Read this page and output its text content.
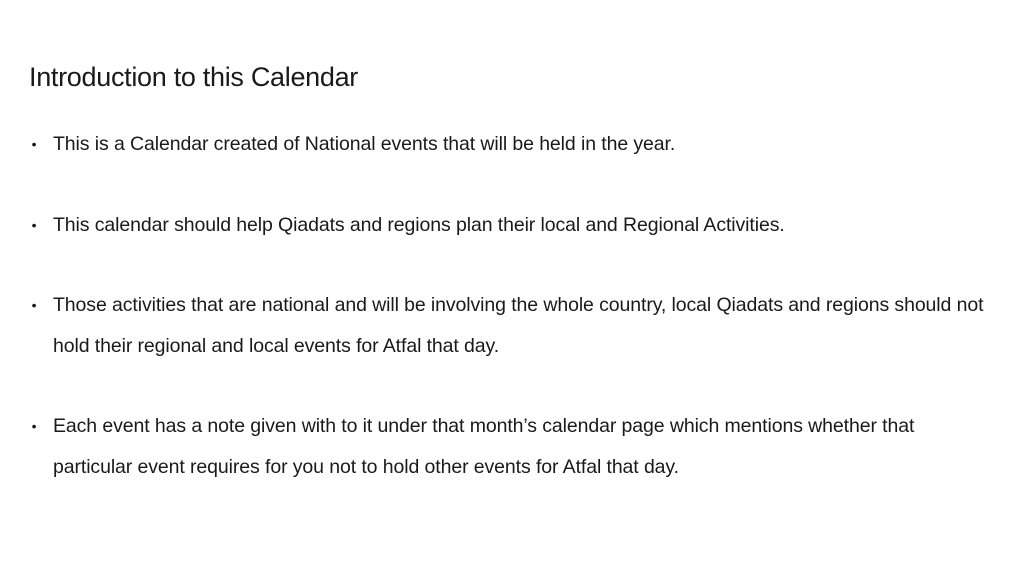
Introduction to this Calendar
• This is a Calendar created of National events that will be held in the year.
• This calendar should help Qiadats and regions plan their local and Regional Activities.
• Those activities that are national and will be involving the whole country, local Qiadats and regions should not hold their regional and local events for Atfal that day.
• Each event has a note given with to it under that month’s calendar page which mentions whether that particular event requires for you not to hold other events for Atfal that day.
